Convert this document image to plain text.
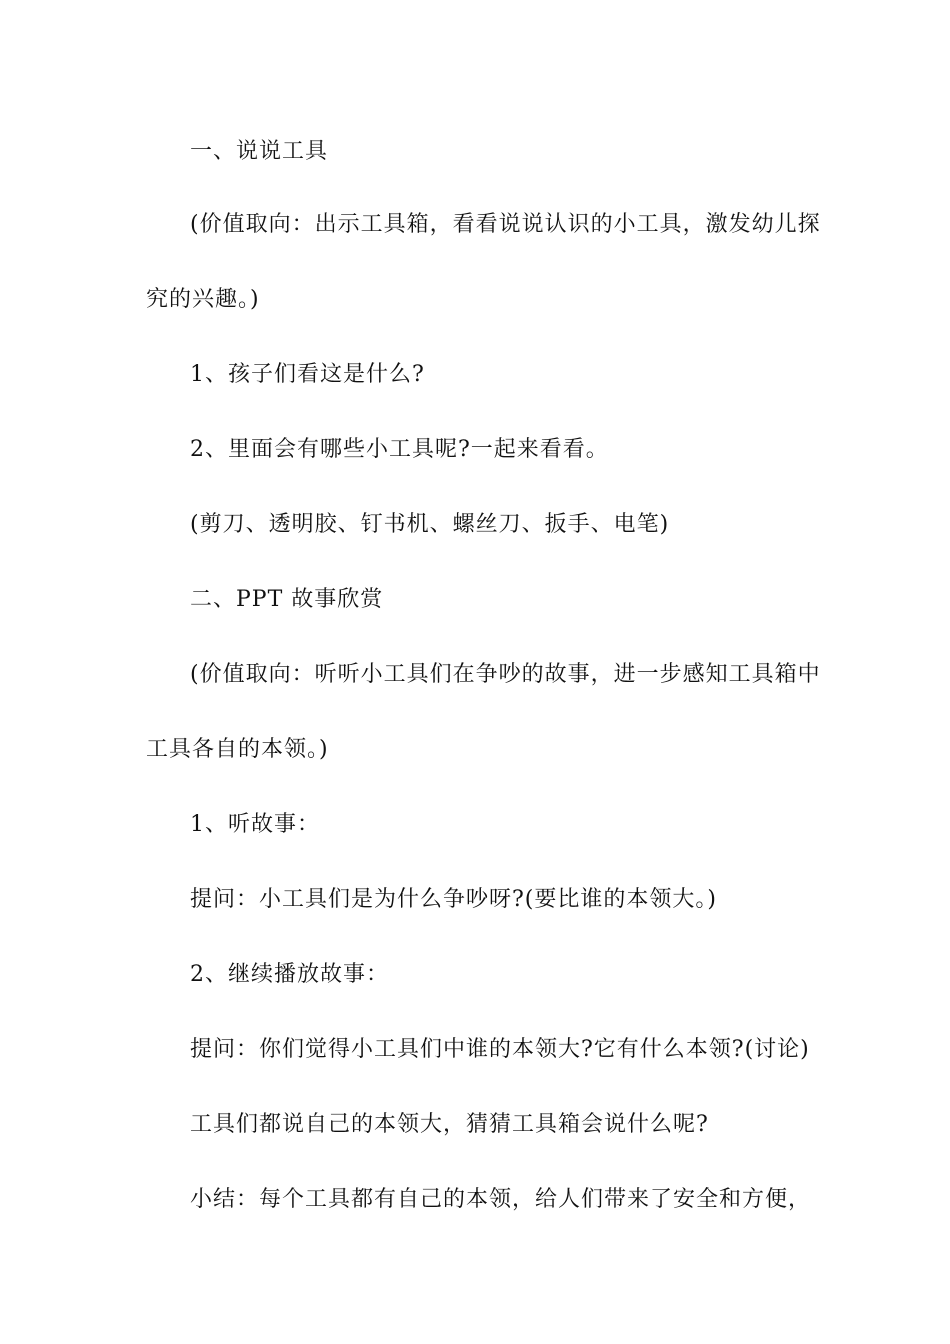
一、说说工具
(价值取向：出示工具箱，看看说说认识的小工具，激发幼儿探
究的兴趣。)
1、孩子们看这是什么?
2、里面会有哪些小工具呢?一起来看看。
(剪刀、透明胶、钉书机、螺丝刀、扳手、电笔)
二、PPT 故事欣赏
(价值取向：听听小工具们在争吵的故事，进一步感知工具箱中
工具各自的本领。)
1、听故事：
提问：小工具们是为什么争吵呀?(要比谁的本领大。)
2、继续播放故事：
提问：你们觉得小工具们中谁的本领大?它有什么本领?(讨论)
工具们都说自己的本领大，猜猜工具箱会说什么呢?
小结：每个工具都有自己的本领，给人们带来了安全和方便，
